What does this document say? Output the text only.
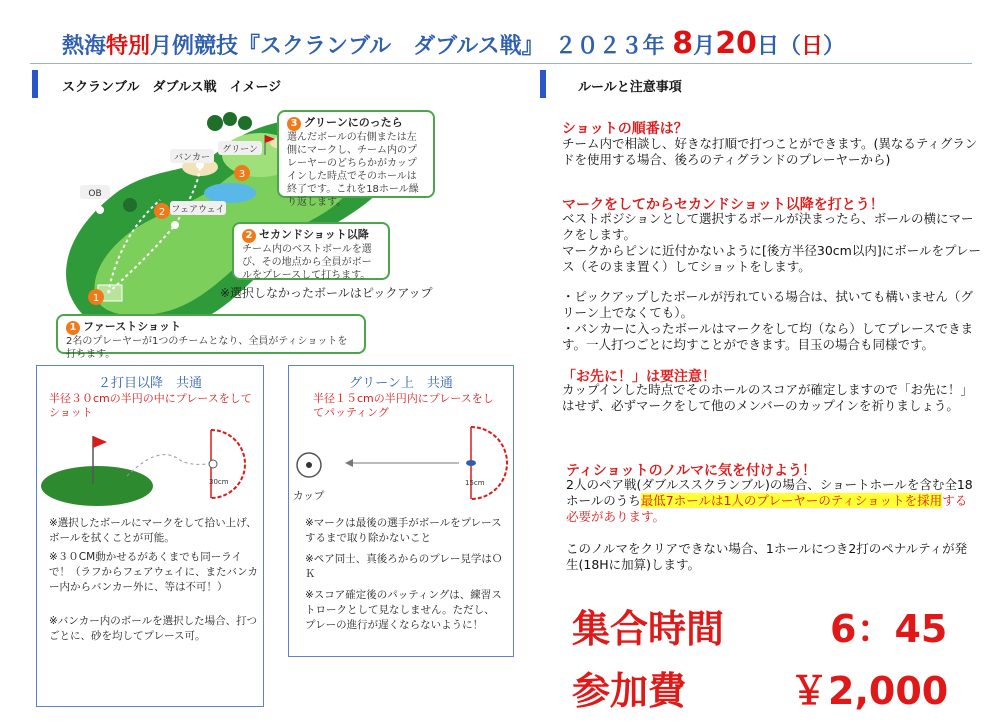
熱海特別月例競技『スクランブル　ダブルス戦』　２０２３年 8月20日（日）
スクランブル　ダブルス戦　イメージ	ルールと注意事項
1
2
3
OB
バンカー
グリーン
フェアウェイ
3 グリーンにのったら
選んだボールの右側または左側にマークし、チーム内のプレーヤーのどちらかがカップインした時点でそのホールは終了です。これを18ホール繰り返します。
2 セカンドショット以降
チーム内のベストボールを選び、その地点から全員がボールをプレースして打ちます。
※選択しなかったボールはピックアップ
1 ファーストショット
2名のプレーヤーが1つのチームとなり、全員がティショットを打ちます。
２打目以降　共通
半径３０cmの半円の中にプレースをしてショット
30cm
※選択したボールにマークをして拾い上げ、ボールを拭くことが可能。
※３０CM動かせるがあくまでも同ーライで！（ラフからフェアウェイに、またバンカー内からバンカー外に、等は不可！）
※バンカー内のボールを選択した場合、打つごとに、砂を均してプレース可。
グリーン上　共通
半径１５cmの半円内にプレースをしてパッティング
15cm
カップ
※マークは最後の選手がボールをプレースするまで取り除かないこと
※ペア同士、真後ろからのプレー見学はＯＫ
※スコア確定後のパッティングは、練習ストロークとして見なしません。ただし、プレーの進行が遅くならないように！
ショットの順番は？
チーム内で相談し、好きな打順で打つことができます。(異なるティグランドを使用する場合、後ろのティグランドのプレーヤーから)
マークをしてからセカンドショット以降を打とう！
ベストポジションとして選択するボールが決まったら、ボールの横にマークをします。
マークからピンに近付かないように[後方半径30cm以内]にボールをプレース（そのまま置く）してショットをします。
・ピックアップしたボールが汚れている場合は、拭いても構いません（グリーン上でなくても）。
・バンカーに入ったボールはマークをして均（なら）してプレースできます。一人打つごとに均すことができます。目玉の場合も同様です。
「お先に！」は要注意！
カップインした時点でそのホールのスコアが確定しますので「お先に！」はせず、必ずマークをして他のメンバーのカップインを祈りましょう。
ティショットのノルマに気を付けよう！
2人のペア戦(ダブルススクランブル)の場合、ショートホールを含む全18ホールのうち最低7ホールは1人のプレーヤーのティショットを採用する必要があります。
このノルマをクリアできない場合、1ホールにつき2打のペナルティが発生(18Hに加算)します。
集合時間	6：45
参加費	￥2,000
